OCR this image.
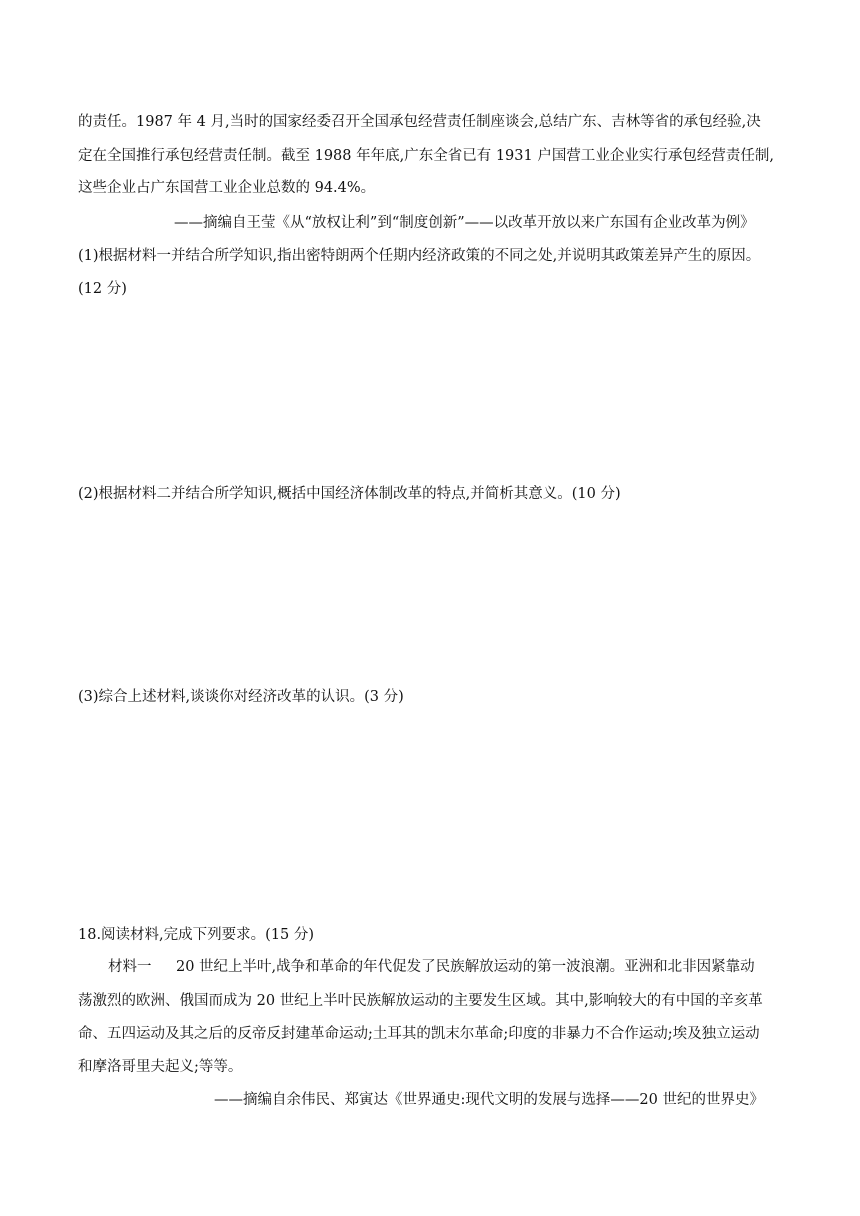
的责任。1987 年 4 月,当时的国家经委召开全国承包经营责任制座谈会,总结广东、吉林等省的承包经验,决
定在全国推行承包经营责任制。截至 1988 年年底,广东全省已有 1931 户国营工业企业实行承包经营责任制,
这些企业占广东国营工业企业总数的 94.4%。
——摘编自王莹《从“放权让利”到“制度创新”——以改革开放以来广东国有企业改革为例》
(1)根据材料一并结合所学知识,指出密特朗两个任期内经济政策的不同之处,并说明其政策差异产生的原因。
(12 分)
(2)根据材料二并结合所学知识,概括中国经济体制改革的特点,并简析其意义。(10 分)
(3)综合上述材料,谈谈你对经济改革的认识。(3 分)
18.阅读材料,完成下列要求。(15 分)
材料一 20 世纪上半叶,战争和革命的年代促发了民族解放运动的第一波浪潮。亚洲和北非因紧靠动
荡激烈的欧洲、俄国而成为 20 世纪上半叶民族解放运动的主要发生区域。其中,影响较大的有中国的辛亥革
命、五四运动及其之后的反帝反封建革命运动;土耳其的凯末尔革命;印度的非暴力不合作运动;埃及独立运动
和摩洛哥里夫起义;等等。
——摘编自余伟民、郑寅达《世界通史:现代文明的发展与选择——20 世纪的世界史》
